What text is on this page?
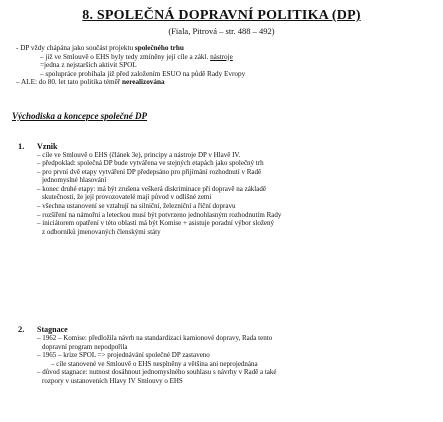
8. SPOLEČNÁ DOPRAVNÍ POLITIKA (DP)
(Fiala, Pitrová – str. 488 – 492)
- DP vždy chápána jako součást projektu společného trhu
– již ve Smlouvě o EHS byly tedy zmíněny její cíle a zákl. nástroje
=jedna z nejstarších aktivit SPOL
– spolupráce probíhala již před založením ESUO na půdě Rady Evropy
– ALE: do 80. let tato politika téměř nerealizována
Východiska a koncepce společné DP
1. Vznik
– cíle ve Smlouvě o EHS (článek 3e), principy a nástroje DP v Hlavě IV.
– předpoklad: společná DP bude vytvářena ve stejných etapách jako společný trh
– pro první dvě etapy vytváření DP předepsáno pro přijímání rozhodnutí v Radě
jednomyslné hlasování
– konec druhé etapy: má být zrušena veškerá diskriminace při dopravě na základě
skutečnosti, že její provozovatelé mají původ v odlišné zemi
– všechna ustanovení se vztahují na silniční, železniční a říční dopravu
– rozšíření na námořní a leteckou musí být potvrzeno jednohlasným rozhodnutím Rady
– iniciátorem opatření v této oblasti má být Komise + asistuje poradní výbor složený
z odborníků jmenovaných členskými státy
2. Stagnace
– 1962 – Komise: předložila návrh na standardizaci kamionové dopravy, Rada tento
dopravní program nepodpořila
– 1965 – krize SPOL => projednávání společné DP zastaveno
– cíle stanovené ve Smlouvě o EHS nesplněny a většina ani neprojednána
– důvod stagnace: nutnost dosáhnout jednomyslného souhlasu s návrhy v Radě a také
rozpory v ustanoveních Hlavy IV Smlouvy o EHS
